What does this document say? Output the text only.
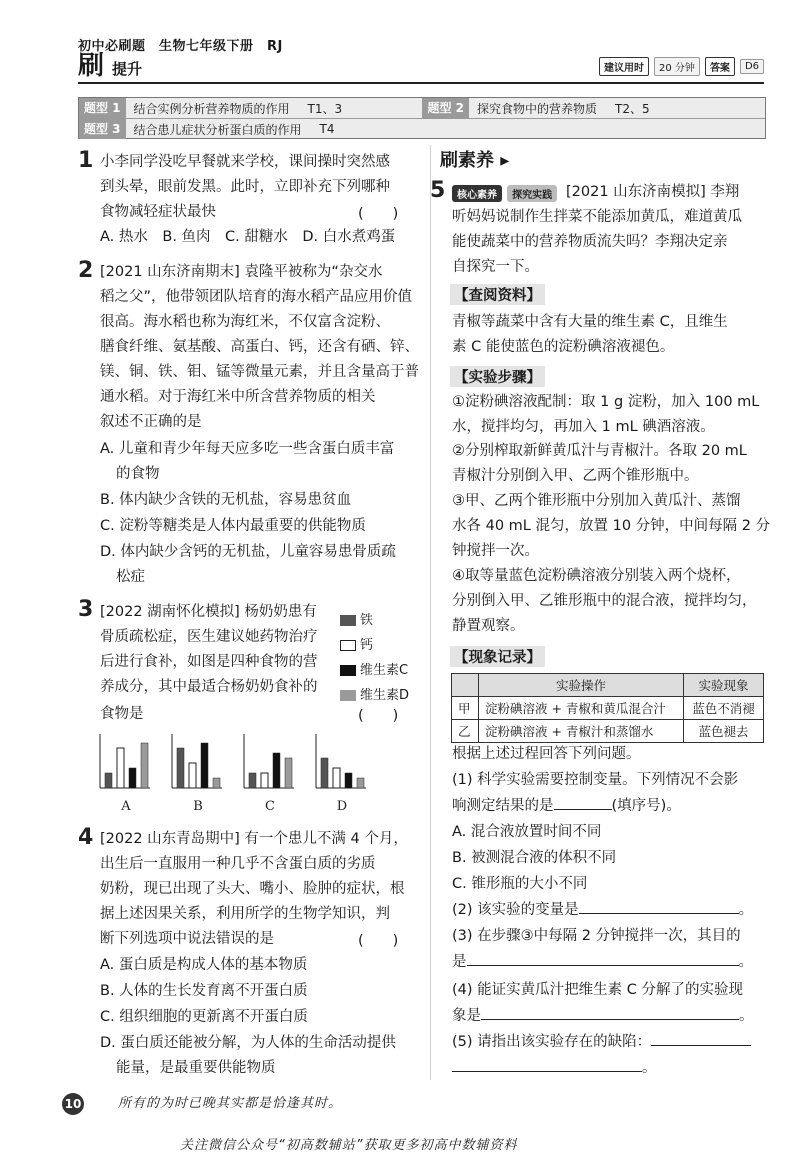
初中必刷题　生物七年级下册　RJ
刷 提升	建议用时	20 分钟	答案	D6
题型 1	结合实例分析营养物质的作用 T1、3	题型 2	探究食物中的营养物质 T2、5
题型 3	结合患儿症状分析蛋白质的作用 T4
1 小李同学没吃早餐就来学校，课间操时突然感
到头晕，眼前发黑。此时，立即补充下列哪种
食物减轻症状最快	(　　)
A. 热水　B. 鱼肉　C. 甜糖水　D. 白水煮鸡蛋
2 [2021 山东济南期末] 袁隆平被称为“杂交水
稻之父”，他带领团队培育的海水稻产品应用价值
很高。海水稻也称为海红米，不仅富含淀粉、
膳食纤维、氨基酸、高蛋白、钙，还含有硒、锌、
镁、铜、铁、钼、锰等微量元素，并且含量高于普
通水稻。对于海红米中所含营养物质的相关
叙述不正确的是
A. 儿童和青少年每天应多吃一些含蛋白质丰富
的食物
B. 体内缺少含铁的无机盐，容易患贫血
C. 淀粉等糖类是人体内最重要的供能物质
D. 体内缺少含钙的无机盐，儿童容易患骨质疏
松症
3 [2022 湖南怀化模拟] 杨奶奶患有
骨质疏松症，医生建议她药物治疗
后进行食补，如图是四种食物的营
养成分，其中最适合杨奶奶食补的
食物是	(　　)
铁
钙
维生素C
维生素D
A	B	C	D
4 [2022 山东青岛期中] 有一个患儿不满 4 个月，
出生后一直服用一种几乎不含蛋白质的劣质
奶粉，现已出现了头大、嘴小、脸肿的症状，根
据上述因果关系，利用所学的生物学知识，判
断下列选项中说法错误的是	(　　)
A. 蛋白质是构成人体的基本物质
B. 人体的生长发育离不开蛋白质
C. 组织细胞的更新离不开蛋白质
D. 蛋白质还能被分解，为人体的生命活动提供
能量，是最重要供能物质
刷素养 ▸
5	核心素养 探究实践 [2021 山东济南模拟] 李翔
听妈妈说制作生拌菜不能添加黄瓜，难道黄瓜
能使蔬菜中的营养物质流失吗？李翔决定亲
自探究一下。
【查阅资料】
青椒等蔬菜中含有大量的维生素 C，且维生
素 C 能使蓝色的淀粉碘溶液褪色。
【实验步骤】
①淀粉碘溶液配制：取 1 g 淀粉，加入 100 mL
水，搅拌均匀，再加入 1 mL 碘酒溶液。
②分别榨取新鲜黄瓜汁与青椒汁。各取 20 mL
青椒汁分别倒入甲、乙两个锥形瓶中。
③甲、乙两个锥形瓶中分别加入黄瓜汁、蒸馏
水各 40 mL 混匀，放置 10 分钟，中间每隔 2 分
钟搅拌一次。
④取等量蓝色淀粉碘溶液分别装入两个烧杯，
分别倒入甲、乙锥形瓶中的混合液，搅拌均匀，
静置观察。
【现象记录】
	实验操作	实验现象
甲	淀粉碘溶液 + 青椒和黄瓜混合汁	蓝色不消褪
乙	淀粉碘溶液 + 青椒汁和蒸馏水	蓝色褪去
根据上述过程回答下列问题。
(1) 科学实验需要控制变量。下列情况不会影
响测定结果的是	(填序号)。
A. 混合液放置时间不同
B. 被测混合液的体积不同
C. 锥形瓶的大小不同
(2) 该实验的变量是	。
(3) 在步骤③中每隔 2 分钟搅拌一次，其目的
是	。
(4) 能证实黄瓜汁把维生素 C 分解了的实验现
象是	。
(5) 请指出该实验存在的缺陷：
。
10	所有的为时已晚其实都是恰逢其时。
关注微信公众号“初高数辅站”获取更多初高中数辅资料
